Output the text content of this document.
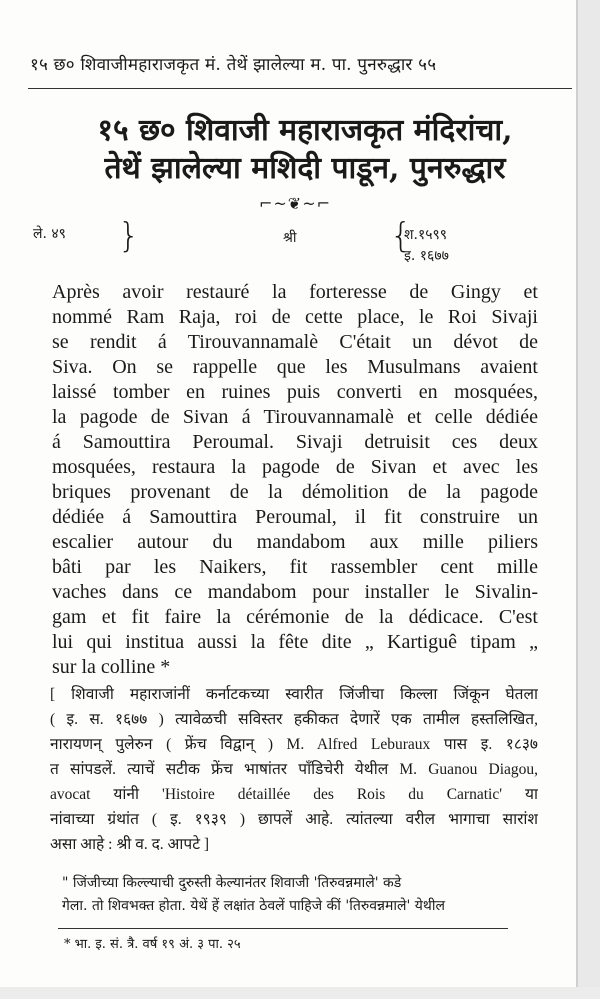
१५ छ० शिवाजीमहाराजकृत मं. तेथें झालेल्या म. पा. पुनरुद्धार ५५
१५ छ० शिवाजी महाराजकृत मंदिरांचा,
तेथें झालेल्या मशिदी पाडून, पुनरुद्धार
⌐~❦~⌐
ले. ४९ }	श्री	{
श.१५९९
इ. १६७७
Après avoir restauré la forteresse de Gingy et
nommé Ram Raja, roi de cette place, le Roi Sivaji
se rendit á Tirouvannamalè C'était un dévot de
Siva. On se rappelle que les Musulmans avaient
laissé tomber en ruines puis converti en mosquées,
la pagode de Sivan á Tirouvannamalè et celle dédiée
á Samouttira Peroumal. Sivaji detruisit ces deux
mosquées, restaura la pagode de Sivan et avec les
briques provenant de la démolition de la pagode
dédiée á Samouttira Peroumal, il fit construire un
escalier autour du mandabom aux mille piliers
bâti par les Naikers, fit rassembler cent mille
vaches dans ce mandabom pour installer le Sivalin-
gam et fit faire la cérémonie de la dédicace. C'est
lui qui institua aussi la fête dite „ Kartiguê tipam „
sur la colline *
[ शिवाजी महाराजांनीं कर्नाटकच्या स्वारीत जिंजीचा किल्ला जिंकून घेतला
( इ. स. १६७७ ) त्यावेळची सविस्तर हकीकत देणारें एक तामील हस्तलिखित,
नारायणन् पुलेरुन ( फ्रेंच विद्वान् ) M. Alfred Leburaux पास इ. १८३७
त सांपडलें. त्याचें सटीक फ्रेंच भाषांतर पाँडिचेरी येथील M. Guanou Diagou,
avocat यांनी 'Histoire détaillée des Rois du Carnatic' या
नांवाच्या ग्रंथांत ( इ. १९३९ ) छापलें आहे. त्यांतल्या वरील भागाचा सारांश
असा आहे : श्री व. द. आपटे ]
" जिंजीच्या किल्ल्याची दुरुस्ती केल्यानंतर शिवाजी 'तिरुवन्नमाले' कडे
गेला. तो शिवभक्त होता. येथें हें लक्षांत ठेवलें पाहिजे कीं 'तिरुवन्नमाले' येथील
* भा. इ. सं. त्रै. वर्ष १९ अं. ३ पा. २५
